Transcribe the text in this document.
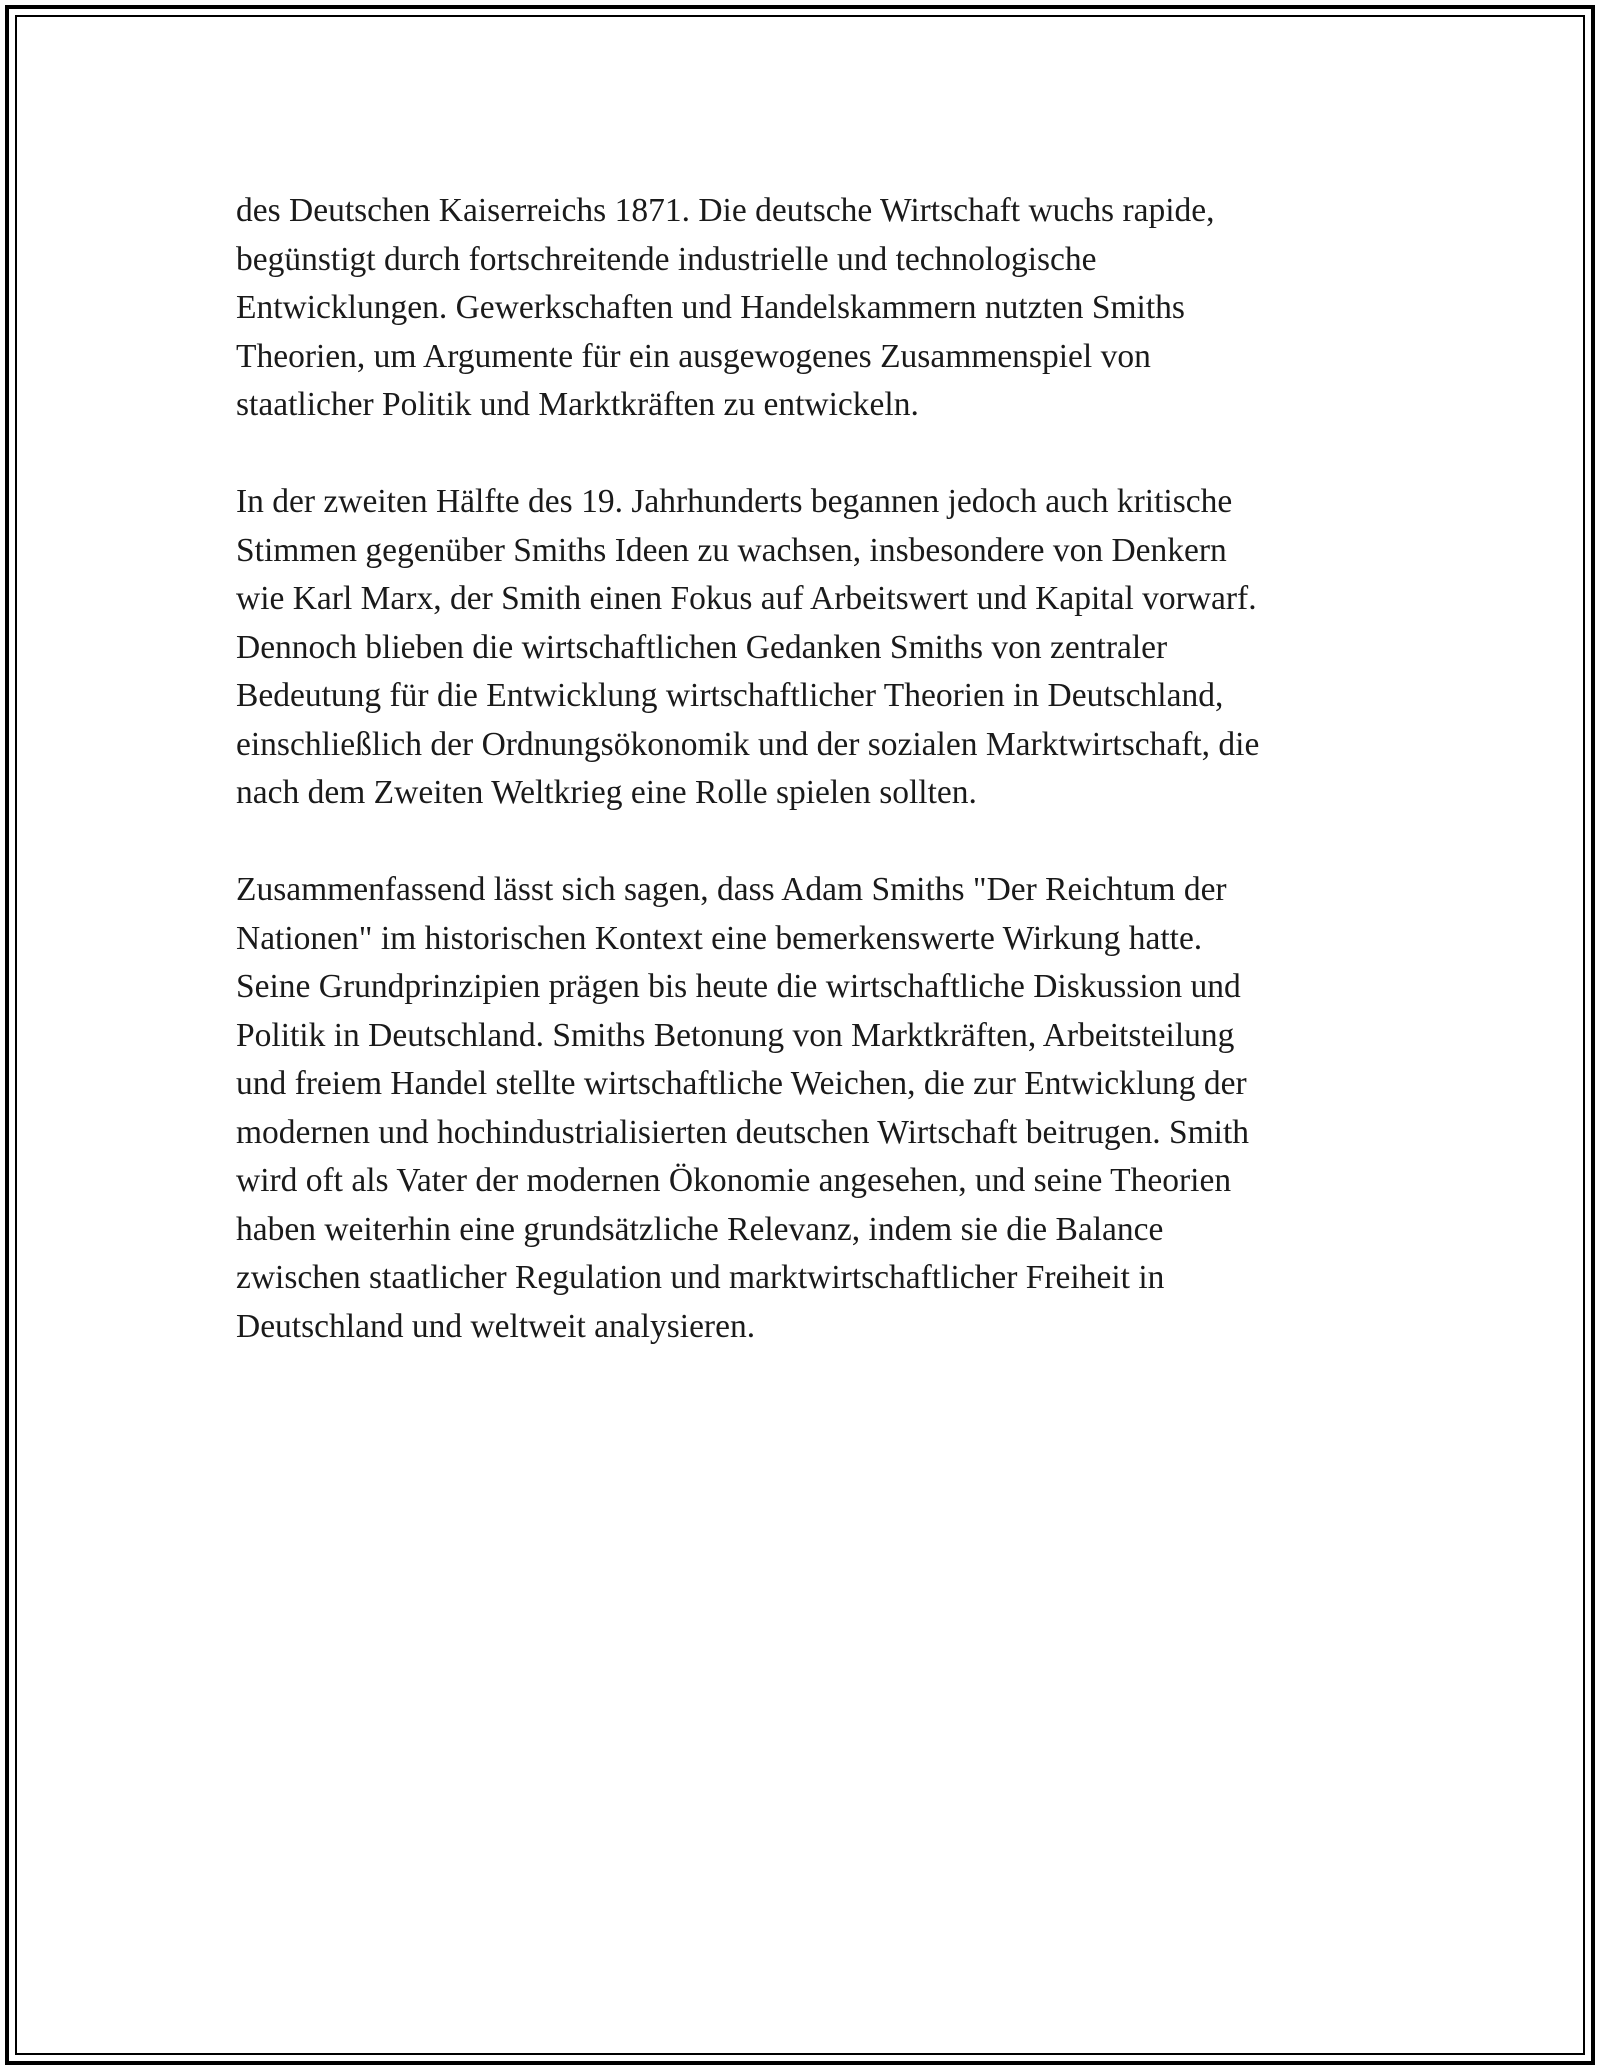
des Deutschen Kaiserreichs 1871. Die deutsche Wirtschaft wuchs rapide,
begünstigt durch fortschreitende industrielle und technologische
Entwicklungen. Gewerkschaften und Handelskammern nutzten Smiths
Theorien, um Argumente für ein ausgewogenes Zusammenspiel von
staatlicher Politik und Marktkräften zu entwickeln.

In der zweiten Hälfte des 19. Jahrhunderts begannen jedoch auch kritische
Stimmen gegenüber Smiths Ideen zu wachsen, insbesondere von Denkern
wie Karl Marx, der Smith einen Fokus auf Arbeitswert und Kapital vorwarf.
Dennoch blieben die wirtschaftlichen Gedanken Smiths von zentraler
Bedeutung für die Entwicklung wirtschaftlicher Theorien in Deutschland,
einschließlich der Ordnungsökonomik und der sozialen Marktwirtschaft, die
nach dem Zweiten Weltkrieg eine Rolle spielen sollten.

Zusammenfassend lässt sich sagen, dass Adam Smiths "Der Reichtum der
Nationen" im historischen Kontext eine bemerkenswerte Wirkung hatte.
Seine Grundprinzipien prägen bis heute die wirtschaftliche Diskussion und
Politik in Deutschland. Smiths Betonung von Marktkräften, Arbeitsteilung
und freiem Handel stellte wirtschaftliche Weichen, die zur Entwicklung der
modernen und hochindustrialisierten deutschen Wirtschaft beitrugen. Smith
wird oft als Vater der modernen Ökonomie angesehen, und seine Theorien
haben weiterhin eine grundsätzliche Relevanz, indem sie die Balance
zwischen staatlicher Regulation und marktwirtschaftlicher Freiheit in
Deutschland und weltweit analysieren.
